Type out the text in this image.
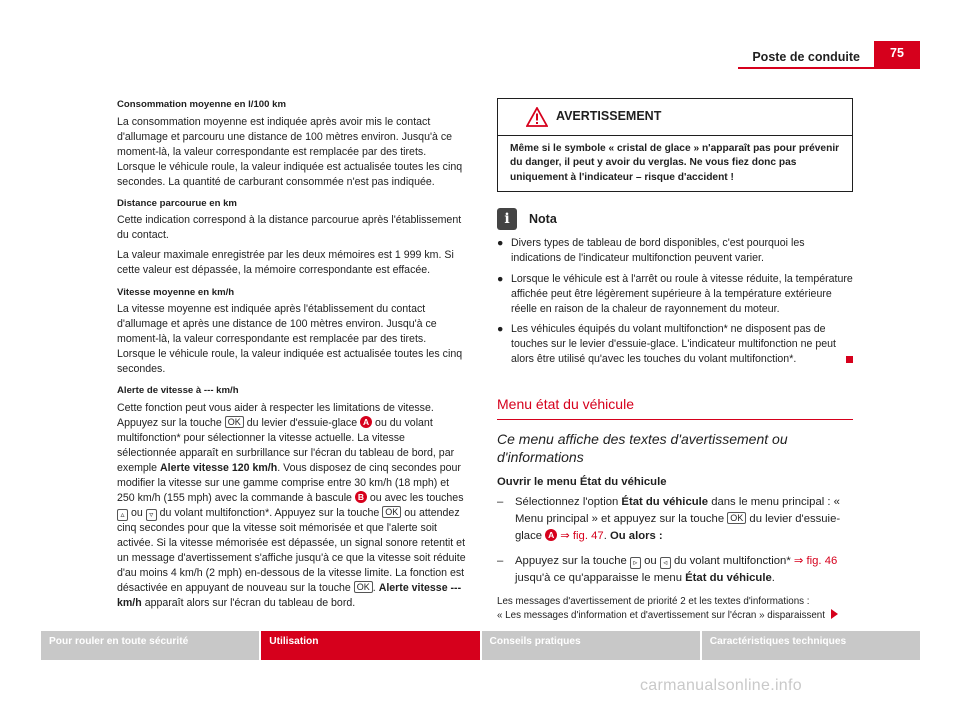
Poste de conduite	75
Consommation moyenne en l/100 km

La consommation moyenne est indiquée après avoir mis le contact d'allumage et parcouru une distance de 100 mètres environ. Jusqu'à ce moment-là, la valeur correspondante est remplacée par des tirets. Lorsque le véhicule roule, la valeur indiquée est actualisée toutes les cinq secondes. La quantité de carburant consommée n'est pas indiquée.

Distance parcourue en km

Cette indication correspond à la distance parcourue après l'établissement du contact.

La valeur maximale enregistrée par les deux mémoires est 1 999 km. Si cette valeur est dépassée, la mémoire correspondante est effacée.

Vitesse moyenne en km/h

La vitesse moyenne est indiquée après l'établissement du contact d'allumage et après une distance de 100 mètres environ. Jusqu'à ce moment-là, la valeur correspondante est remplacée par des tirets. Lorsque le véhicule roule, la valeur indiquée est actualisée toutes les cinq secondes.

Alerte de vitesse à --- km/h

Cette fonction peut vous aider à respecter les limitations de vitesse. Appuyez sur la touche OK du levier d'essuie-glace A ou du volant multifonction* pour sélectionner la vitesse actuelle. La vitesse sélectionnée apparaît en surbrillance sur l'écran du tableau de bord, par exemple Alerte vitesse 120 km/h. Vous disposez de cinq secondes pour modifier la vitesse sur une gamme comprise entre 30 km/h (18 mph) et 250 km/h (155 mph) avec la commande à bascule B ou avec les touches ▵ ou ▿ du volant multifonction*. Appuyez sur la touche OK ou attendez cinq secondes pour que la vitesse soit mémorisée et que l'alerte soit activée. Si la vitesse mémorisée est dépassée, un signal sonore retentit et un message d'avertissement s'affiche jusqu'à ce que la vitesse soit réduite d'au moins 4 km/h (2 mph) en-dessous de la vitesse limite. La fonction est désactivée en appuyant de nouveau sur la touche OK . Alerte vitesse --- km/h apparaît alors sur l'écran du tableau de bord.

AVERTISSEMENT
Même si le symbole « cristal de glace » n'apparaît pas pour prévenir du danger, il peut y avoir du verglas. Ne vous fiez donc pas uniquement à l'indicateur – risque d'accident !
i
Nota
● Divers types de tableau de bord disponibles, c'est pourquoi les indications de l'indicateur multifonction peuvent varier.
● Lorsque le véhicule est à l'arrêt ou roule à vitesse réduite, la température affichée peut être légèrement supérieure à la température extérieure réelle en raison de la chaleur de rayonnement du moteur.
● Les véhicules équipés du volant multifonction* ne disposent pas de touches sur le levier d'essuie-glace. L'indicateur multifonction ne peut alors être utilisé qu'avec les touches du volant multifonction*.
Menu état du véhicule
Ce menu affiche des textes d'avertissement ou d'informations
Ouvrir le menu État du véhicule
–	Sélectionnez l'option État du véhicule dans le menu principal : « Menu principal » et appuyez sur la touche OK du levier d'essuie-glace A ⇒ fig. 47. Ou alors :
–	Appuyez sur la touche ▹ ou ◃ du volant multifonction* ⇒ fig. 46 jusqu'à ce qu'apparaisse le menu État du véhicule.

Les messages d'avertissement de priorité 2 et les textes d'informations :

« Les messages d'information et d'avertissement sur l'écran » disparaissent

Pour rouler en toute sécurité	Utilisation	Conseils pratiques	Caractéristiques techniques
carmanualsonline.info
